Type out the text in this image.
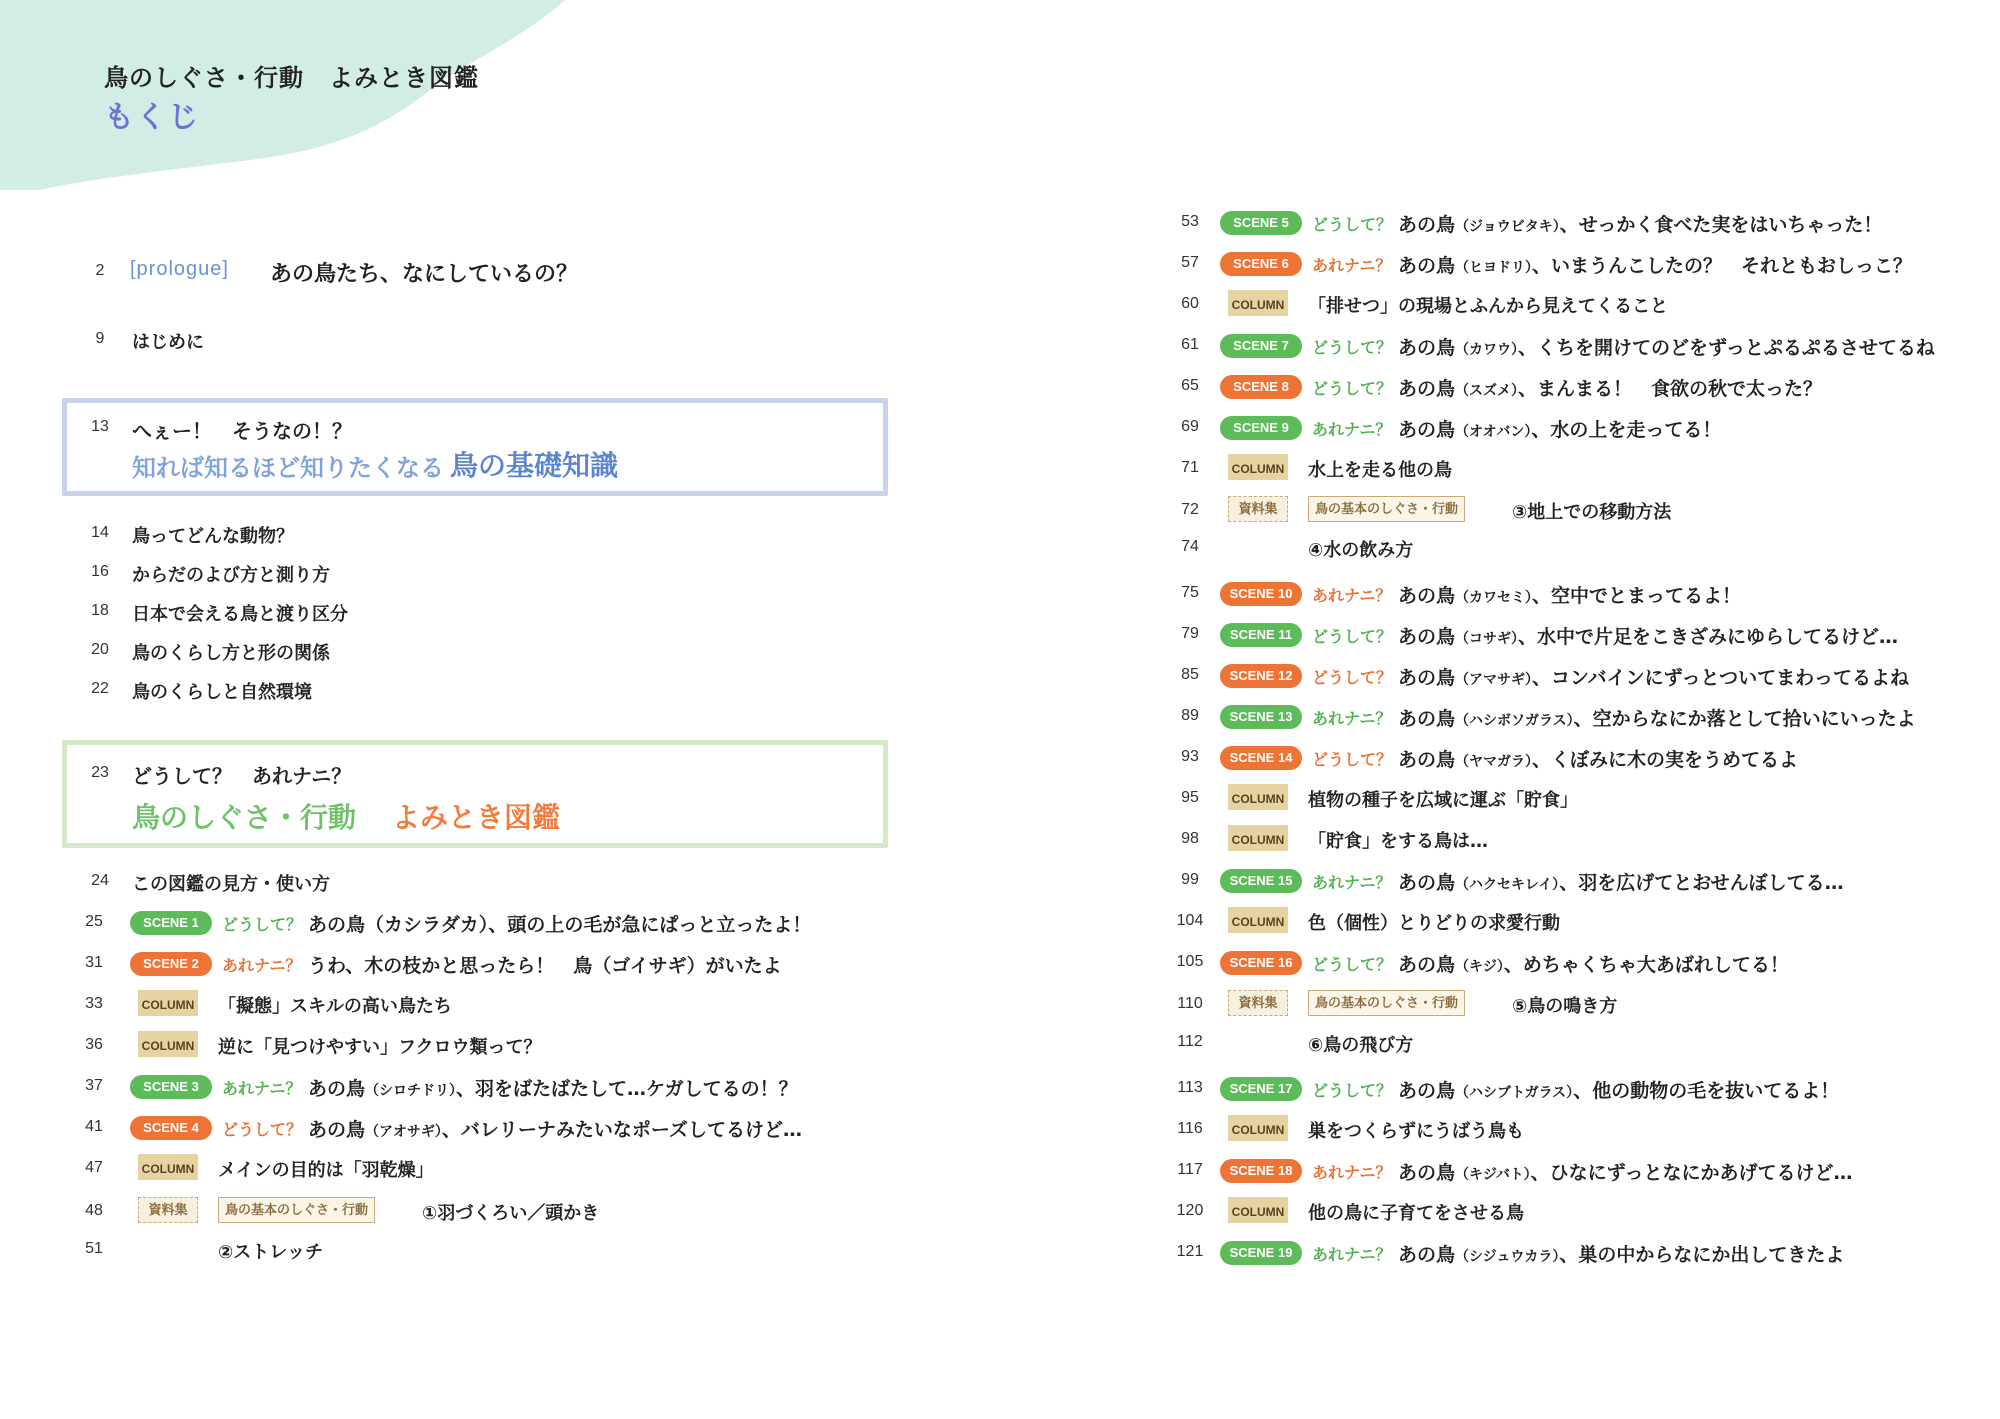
鳥のしぐさ・行動　よみとき図鑑
もくじ
2	[prologue] あの鳥たち、なにしているの？
9	はじめに
13	へぇー！　そうなの！？
知れば知るほど知りたくなる 鳥の基礎知識
14	鳥ってどんな動物？
16	からだのよび方と測り方
18	日本で会える鳥と渡り区分
20	鳥のくらし方と形の関係
22	鳥のくらしと自然環境
23	どうして？　あれナニ？
鳥のしぐさ・行動 よみとき図鑑
24	この図鑑の見方・使い方
25	SCENE 1	どうして？ あの鳥（カシラダカ）、頭の上の毛が急にぱっと立ったよ！
31	SCENE 2	あれナニ？ うわ、木の枝かと思ったら！　鳥（ゴイサギ）がいたよ
33	COLUMN 「擬態」スキルの高い鳥たち
36	COLUMN 逆に「見つけやすい」フクロウ類って？
37	SCENE 3	あれナニ？ あの鳥（シロチドリ）、羽をばたばたして…ケガしてるの！？
41	SCENE 4	どうして？ あの鳥（アオサギ）、バレリーナみたいなポーズしてるけど…
47	COLUMN メインの目的は「羽乾燥」
48	資料集	鳥の基本のしぐさ・行動	①羽づくろい／頭かき
51	②ストレッチ
53	SCENE 5	どうして？ あの鳥（ジョウビタキ）、せっかく食べた実をはいちゃった！
57	SCENE 6	あれナニ？ あの鳥（ヒヨドリ）、いまうんこしたの？　それともおしっこ？
60	COLUMN 「排せつ」の現場とふんから見えてくること
61	SCENE 7	どうして？ あの鳥（カワウ）、くちを開けてのどをずっとぷるぷるさせてるね
65	SCENE 8	どうして？ あの鳥（スズメ）、まんまる！　食欲の秋で太った？
69	SCENE 9	あれナニ？ あの鳥（オオバン）、水の上を走ってる！
71	COLUMN 水上を走る他の鳥
72	資料集	鳥の基本のしぐさ・行動	③地上での移動方法
74	④水の飲み方
75	SCENE 10	あれナニ？ あの鳥（カワセミ）、空中でとまってるよ！
79	SCENE 11	どうして？ あの鳥（コサギ）、水中で片足をこきざみにゆらしてるけど…
85	SCENE 12	どうして？ あの鳥（アマサギ）、コンバインにずっとついてまわってるよね
89	SCENE 13	あれナニ？ あの鳥（ハシボソガラス）、空からなにか落として拾いにいったよ
93	SCENE 14	どうして？ あの鳥（ヤマガラ）、くぼみに木の実をうめてるよ
95	COLUMN 植物の種子を広域に運ぶ「貯食」
98	COLUMN 「貯食」をする鳥は…
99	SCENE 15	あれナニ？ あの鳥（ハクセキレイ）、羽を広げてとおせんぼしてる…
104	COLUMN 色（個性）とりどりの求愛行動
105	SCENE 16	どうして？ あの鳥（キジ）、めちゃくちゃ大あばれしてる！
110	資料集	鳥の基本のしぐさ・行動	⑤鳥の鳴き方
112	⑥鳥の飛び方
113	SCENE 17	どうして？ あの鳥（ハシブトガラス）、他の動物の毛を抜いてるよ！
116	COLUMN 巣をつくらずにうばう鳥も
117	SCENE 18	あれナニ？ あの鳥（キジバト）、ひなにずっとなにかあげてるけど…
120	COLUMN 他の鳥に子育てをさせる鳥
121	SCENE 19	あれナニ？ あの鳥（シジュウカラ）、巣の中からなにか出してきたよ
